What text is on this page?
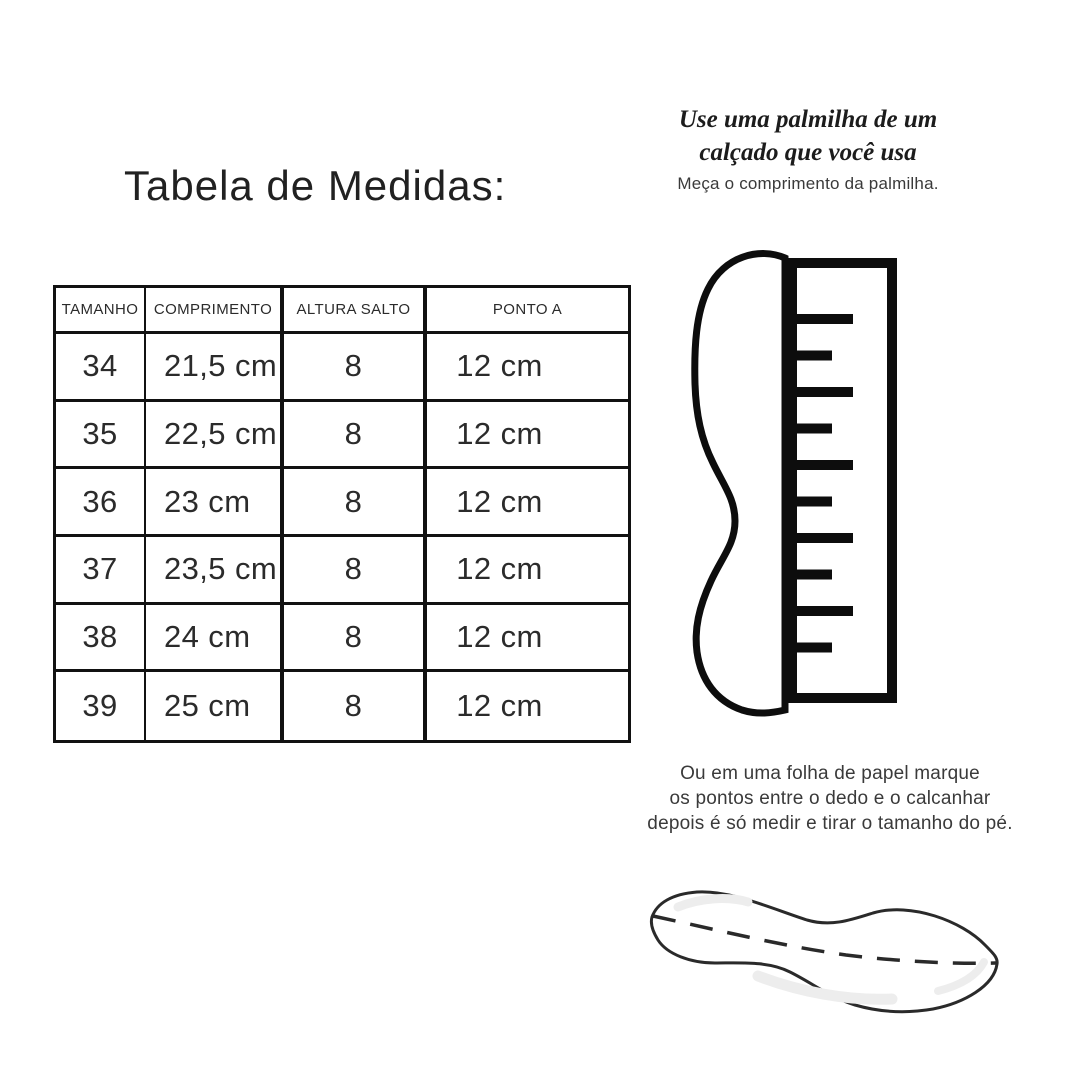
Tabela de Medidas:
TAMANHO	COMPRIMENTO	ALTURA SALTO	PONTO A
34	21,5 cm	8	12 cm
35	22,5 cm	8	12 cm
36	23 cm	8	12 cm
37	23,5 cm	8	12 cm
38	24 cm	8	12 cm
39	25 cm	8	12 cm
Use uma palmilha de um
calçado que você usa
Meça o comprimento da palmilha.
Ou em uma folha de papel marque
os pontos entre o dedo e o calcanhar
depois é só medir e tirar o tamanho do pé.
